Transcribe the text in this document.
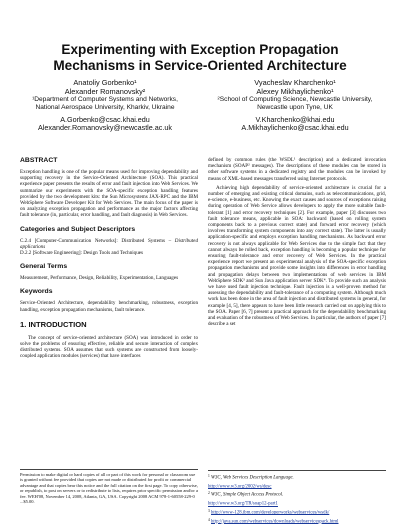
Experimenting with Exception Propagation Mechanisms in Service-Oriented Architecture
Anatoliy Gorbenko¹
Alexander Romanovsky²
¹Department of Computer Systems and Networks,
National Aerospace University, Kharkiv, Ukraine
A.Gorbenko@csac.khai.edu
Alexander.Romanovsky@newcastle.ac.uk
Vyacheslav Kharchenko¹
Alexey Mikhaylichenko¹
²School of Computing Science, Newcastle University,
Newcastle upon Tyne, UK
V.Kharchenko@khai.edu
A.Mikhaylichenko@csac.khai.edu
ABSTRACT

Exception handling is one of the popular means used for improving dependability and supporting recovery in the Service-Oriented Architecture (SOA). This practical experience paper presents the results of error and fault injection into Web Services. We summarize our experiments with the SOA-specific exception handling features provided by the two development kits: the Sun Microsystems JAX-RPC and the IBM WebSphere Software Developer Kit for Web Services. The main focus of the paper is on analyzing exception propagation and performance as the major factors affecting fault tolerance (in, particular, error handling, and fault diagnosis) in Web Services.

Categories and Subject Descriptors

C.2.4 [Computer-Communication Networks]: Distributed Systems – Distributed applications

D.2.2 [Software Engineering]: Design Tools and Techniques

General Terms

Measurement, Performance, Design, Reliability, Experimentation, Languages

Keywords

Service-Oriented Architecture, dependability benchmarking, robustness, exception handling, exception propagation mechanisms, fault tolerance.

1. INTRODUCTION

The concept of service-oriented architecture (SOA) was introduced in order to solve the problems of ensuring effective, reliable and secure interaction of complex distributed systems. SOA assumes that such systems are constructed from loosely-coupled application modules (services) that have interfaces

defined by common rules (the WSDL¹ description) and a dedicated invocation mechanism (SOAP² messages). The descriptions of these modules can be stored in other software systems in a dedicated registry and the modules can be invoked by means of XML-based messages transferred using Internet protocols.

Achieving high dependability of service-oriented architecture is crucial for a number of emerging and existing critical domains, such as telecommunications, grid, e-science, e-business, etc. Knowing the exact causes and sources of exceptions raising during operation of Web Service allows developers to apply the more suitable fault-tolerant [1] and error recovery techniques [2]. For example, paper [3] discusses two fault tolerance means, applicable in SOA: backward (based on rolling system components back to a previous correct state) and forward error recovery (which involves transforming system components into any correct state). The latter is usually application-specific and employs exception handling mechanisms. As backward error recovery is not always applicable for Web Services due to the simple fact that they cannot always be rolled back, exception handling is becoming a popular technique for ensuring fault-tolerance and error recovery of Web Services. In the practical experience report we present an experimental analysis of the SOA-specific exception propagation mechanisms and provide some insights into differences in error handling and propagation delays between two implementations of web services in IBM WebSphere SDK³ and Sun Java application server SDK⁴. To provide such an analysis we have used fault injection technique. Fault injection is a well-proven method for assessing the dependability and fault-tolerance of a computing system. Although much work has been done in the area of fault injection and distributed systems in general, for example [4, 5], there appears to have been little research carried out on applying this to the SOA. Paper [6, 7] present a practical approach for the dependability benchmarking and evaluation of the robustness of Web Services. In particular, the authors of paper [7] describe a set

Permission to make digital or hard copies of all or part of this work for personal or classroom use is granted without fee provided that copies are not made or distributed for profit or commercial advantage and that copies bear this notice and the full citation on the first page. To copy otherwise, or republish, to post on servers or to redistribute to lists, requires prior specific permission and/or a fee. WEH'08, November 14, 2008, Atlanta, GA, USA. Copyright 2008 ACM 978-1-60558-229-0 ...$5.00.
$^1$ W3C, Web Services Description Language.
http://www.w3.org/2002/ws/desc
$^2$ W3C, Simple Object Access Protocol.
http://www.w3.org/TR/soap12-part1
$^3$ http://www-128.ibm.com/developerworks/webservices/wsdk/
$^4$ http://java.sun.com/webservices/downloads/webservicespack.html
